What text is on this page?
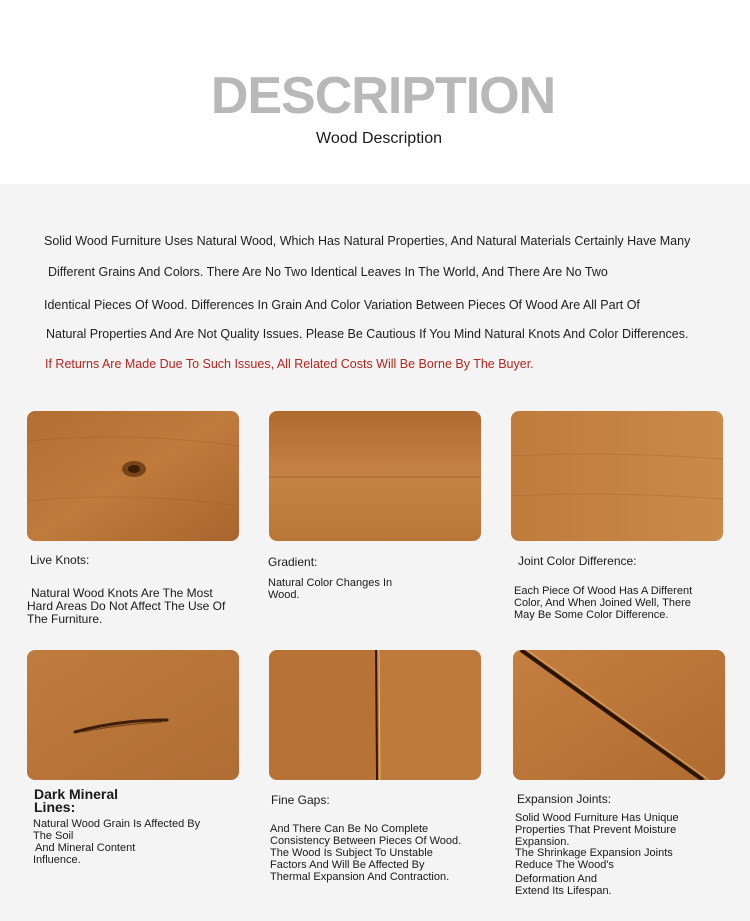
DESCRIPTION
Wood Description

Solid Wood Furniture Uses Natural Wood, Which Has Natural Properties, And Natural Materials Certainly Have Many

Different Grains And Colors. There Are No Two Identical Leaves In The World, And There Are No Two

Identical Pieces Of Wood. Differences In Grain And Color Variation Between Pieces Of Wood Are All Part Of

Natural Properties And Are Not Quality Issues. Please Be Cautious If You Mind Natural Knots And Color Differences.

If Returns Are Made Due To Such Issues, All Related Costs Will Be Borne By The Buyer.

Live Knots:

Natural Wood Knots Are The Most
Hard Areas Do Not Affect The Use Of
The Furniture.

Gradient:

Natural Color Changes In
Wood.

Joint Color Difference:

Each Piece Of Wood Has A Different
Color, And When Joined Well, There
May Be Some Color Difference.

Dark Mineral Lines:

Natural Wood Grain Is Affected By
The Soil
And Mineral Content
Influence.

Fine Gaps:

And There Can Be No Complete
Consistency Between Pieces Of Wood.
The Wood Is Subject To Unstable
Factors And Will Be Affected By
Thermal Expansion And Contraction.

Expansion Joints:

Solid Wood Furniture Has Unique
Properties That Prevent Moisture
Expansion.
The Shrinkage Expansion Joints
Reduce The Wood's
Deformation And
Extend Its Lifespan.
